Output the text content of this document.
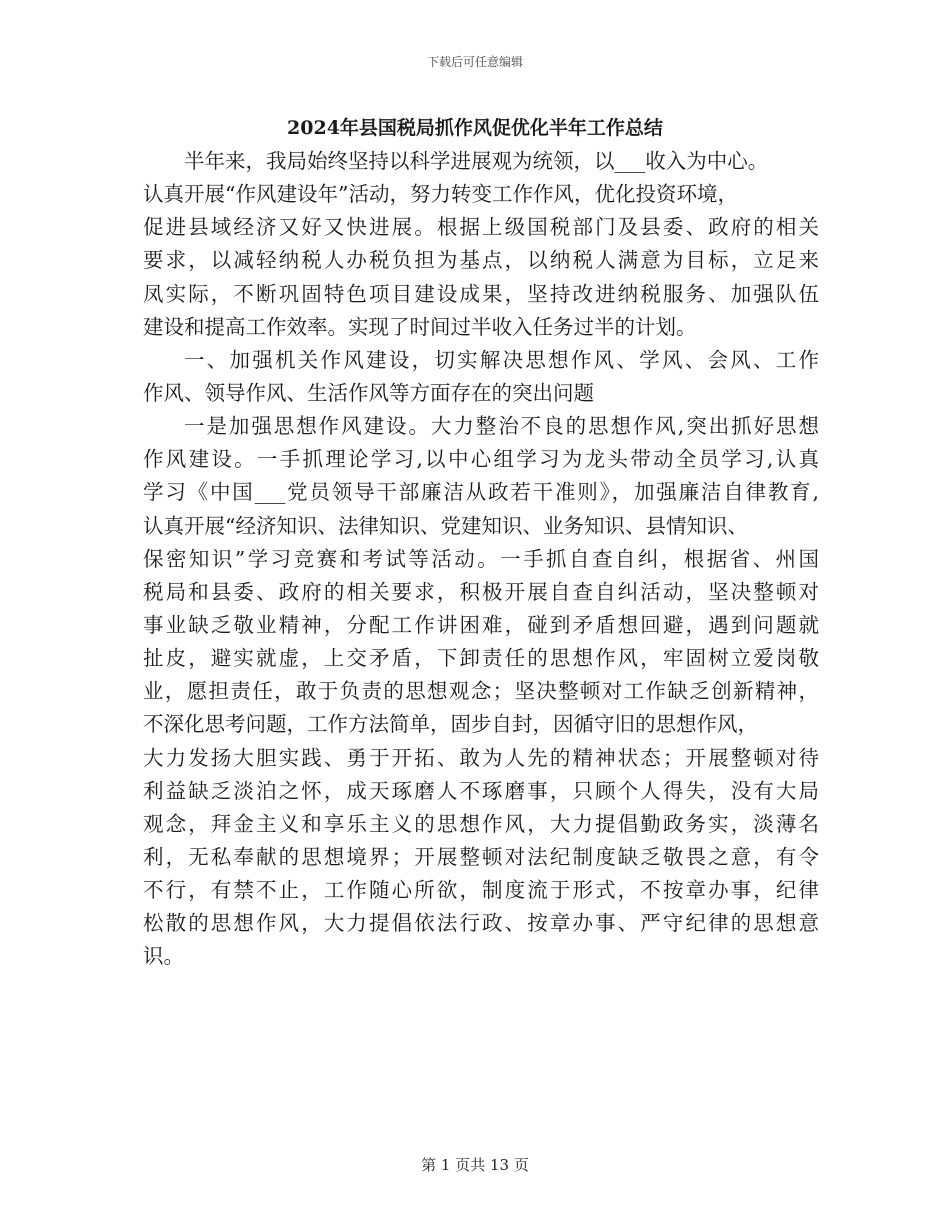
下载后可任意编辑
2024年县国税局抓作风促优化半年工作总结
半年来，我局始终坚持以科学进展观为统领，以___收入为中心。
认真开展“作风建设年”活动，努力转变工作作风，优化投资环境，
促进县域经济又好又快进展。根据上级国税部门及县委、政府的相关
要求，以减轻纳税人办税负担为基点，以纳税人满意为目标，立足来
凤实际，不断巩固特色项目建设成果，坚持改进纳税服务、加强队伍
建设和提高工作效率。实现了时间过半收入任务过半的计划。
一、加强机关作风建设，切实解决思想作风、学风、会风、工作
作风、领导作风、生活作风等方面存在的突出问题
一是加强思想作风建设。大力整治不良的思想作风,突出抓好思想
作风建设。一手抓理论学习,以中心组学习为龙头带动全员学习,认真
学习《中国___党员领导干部廉洁从政若干准则》，加强廉洁自律教育,
认真开展“经济知识、法律知识、党建知识、业务知识、县情知识、
保密知识”学习竞赛和考试等活动。一手抓自查自纠，根据省、州国
税局和县委、政府的相关要求，积极开展自查自纠活动，坚决整顿对
事业缺乏敬业精神，分配工作讲困难，碰到矛盾想回避，遇到问题就
扯皮，避实就虚，上交矛盾，下卸责任的思想作风，牢固树立爱岗敬
业，愿担责任，敢于负责的思想观念；坚决整顿对工作缺乏创新精神，
不深化思考问题，工作方法简单，固步自封，因循守旧的思想作风，
大力发扬大胆实践、勇于开拓、敢为人先的精神状态；开展整顿对待
利益缺乏淡泊之怀，成天琢磨人不琢磨事，只顾个人得失，没有大局
观念，拜金主义和享乐主义的思想作风，大力提倡勤政务实，淡薄名
利，无私奉献的思想境界；开展整顿对法纪制度缺乏敬畏之意，有令
不行，有禁不止，工作随心所欲，制度流于形式，不按章办事，纪律
松散的思想作风，大力提倡依法行政、按章办事、严守纪律的思想意
识。
第 1 页共 13 页
